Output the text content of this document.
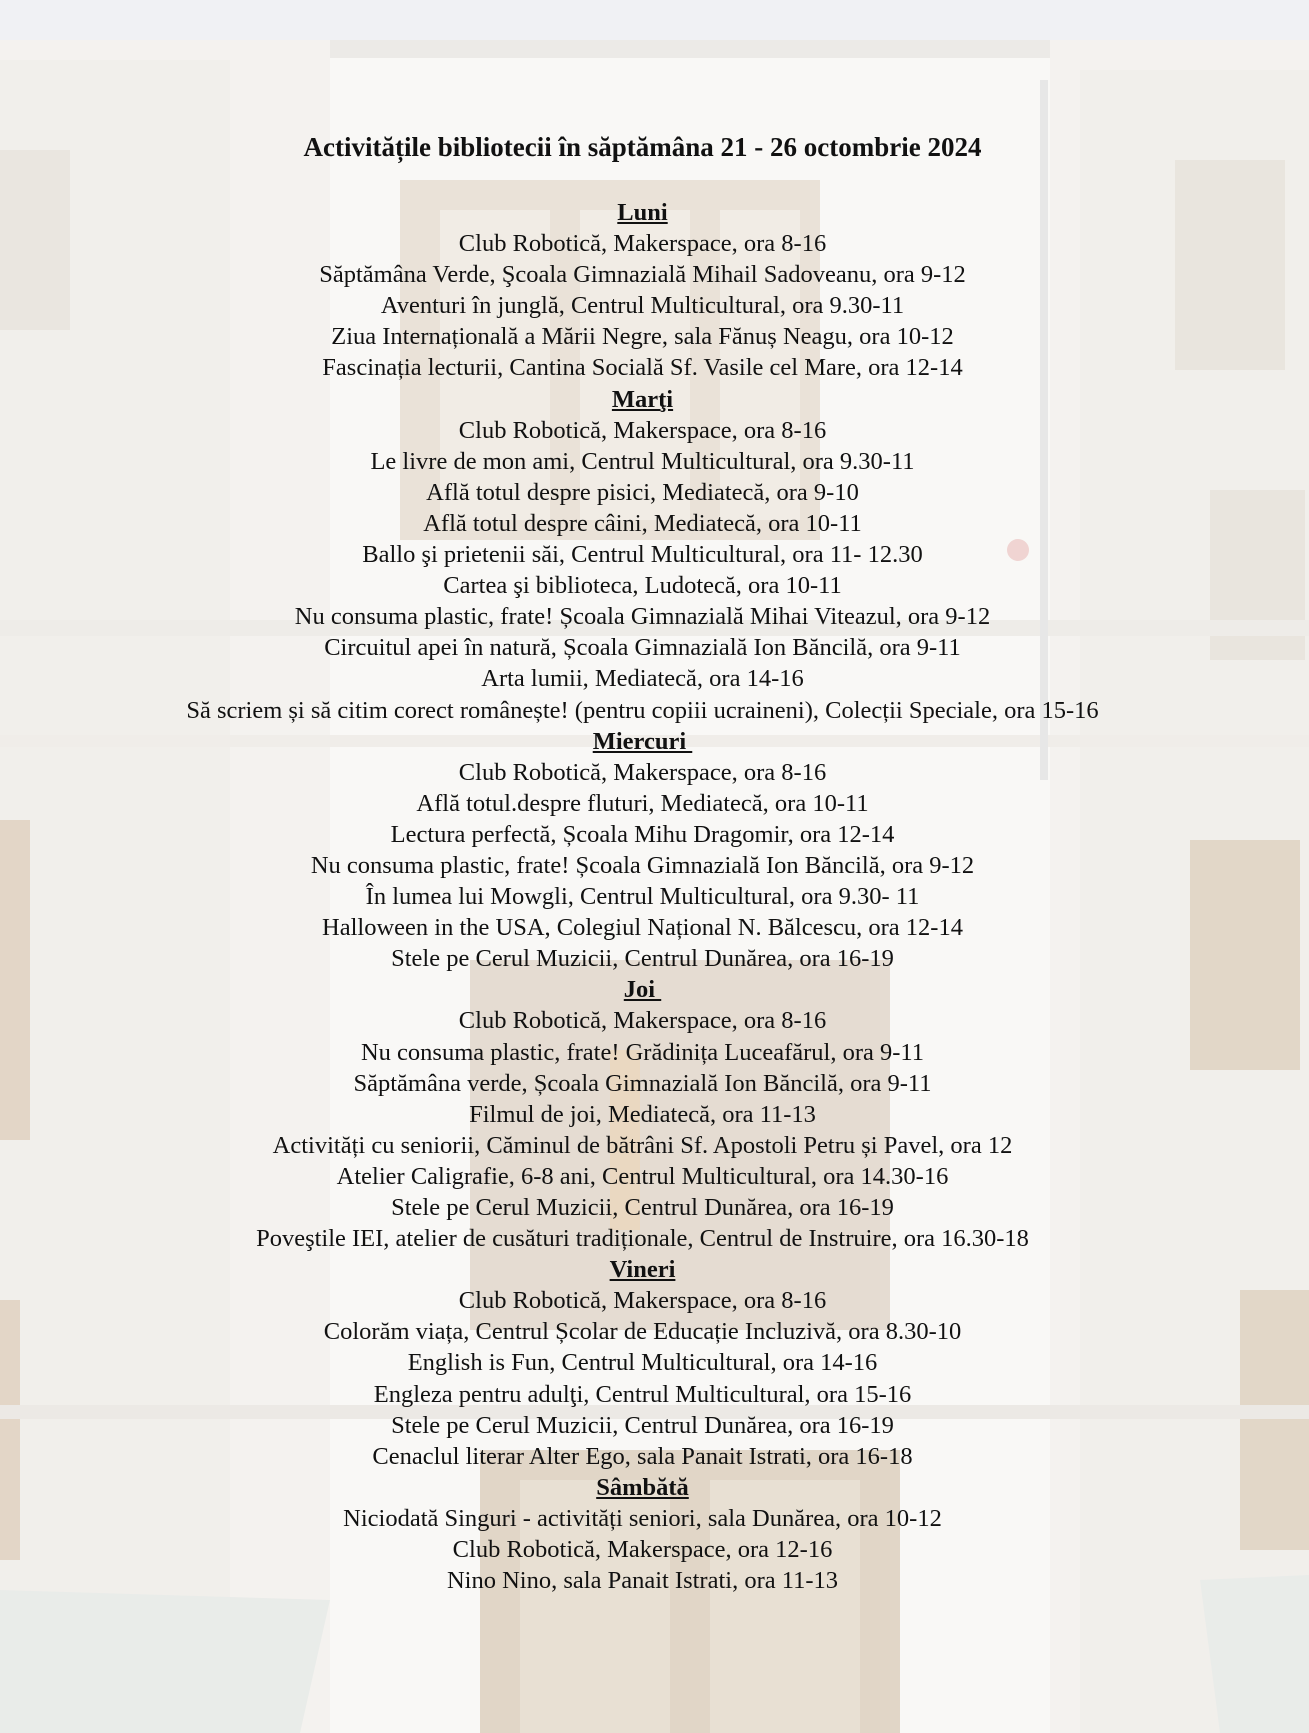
Activitățile bibliotecii în săptămâna 21 - 26 octombrie 2024
Luni
Club Robotică, Makerspace, ora 8-16
Săptămâna Verde, Şcoala Gimnazială Mihail Sadoveanu, ora 9-12
Aventuri în junglă, Centrul Multicultural, ora 9.30-11
Ziua Internațională a Mării Negre, sala Fănuș Neagu, ora 10-12
Fascinația lecturii, Cantina Socială Sf. Vasile cel Mare, ora 12-14
Marţi
Club Robotică, Makerspace, ora 8-16
Le livre de mon ami, Centrul Multicultural, ora 9.30-11
Află totul despre pisici, Mediatecă, ora 9-10
Află totul despre câini, Mediatecă, ora 10-11
Ballo şi prietenii săi, Centrul Multicultural, ora 11- 12.30
Cartea şi biblioteca, Ludotecă, ora 10-11
Nu consuma plastic, frate! Școala Gimnazială Mihai Viteazul, ora 9-12
Circuitul apei în natură, Școala Gimnazială Ion Băncilă, ora 9-11
Arta lumii, Mediatecă, ora 14-16
Să scriem și să citim corect românește! (pentru copiii ucraineni), Colecții Speciale, ora 15-16
Miercuri
Club Robotică, Makerspace, ora 8-16
Află totul.despre fluturi, Mediatecă, ora 10-11
Lectura perfectă, Școala Mihu Dragomir, ora 12-14
Nu consuma plastic, frate! Școala Gimnazială Ion Băncilă, ora 9-12
În lumea lui Mowgli, Centrul Multicultural, ora 9.30- 11
Halloween in the USA, Colegiul Național N. Bălcescu, ora 12-14
Stele pe Cerul Muzicii, Centrul Dunărea, ora 16-19
Joi
Club Robotică, Makerspace, ora 8-16
Nu consuma plastic, frate! Grădinița Luceafărul, ora 9-11
Săptămâna verde, Școala Gimnazială Ion Băncilă, ora 9-11
Filmul de joi, Mediatecă, ora 11-13
Activități cu seniorii, Căminul de bătrâni Sf. Apostoli Petru și Pavel, ora 12
Atelier Caligrafie, 6-8 ani, Centrul Multicultural, ora 14.30-16
Stele pe Cerul Muzicii, Centrul Dunărea, ora 16-19
Poveştile IEI, atelier de cusături tradiționale, Centrul de Instruire, ora 16.30-18
Vineri
Club Robotică, Makerspace, ora 8-16
Colorăm viața, Centrul Școlar de Educație Incluzivă, ora 8.30-10
English is Fun, Centrul Multicultural, ora 14-16
Engleza pentru adulţi, Centrul Multicultural, ora 15-16
Stele pe Cerul Muzicii, Centrul Dunărea, ora 16-19
Cenaclul literar Alter Ego, sala Panait Istrati, ora 16-18
Sâmbătă
Niciodată Singuri - activități seniori, sala Dunărea, ora 10-12
Club Robotică, Makerspace, ora 12-16
Nino Nino, sala Panait Istrati, ora 11-13
